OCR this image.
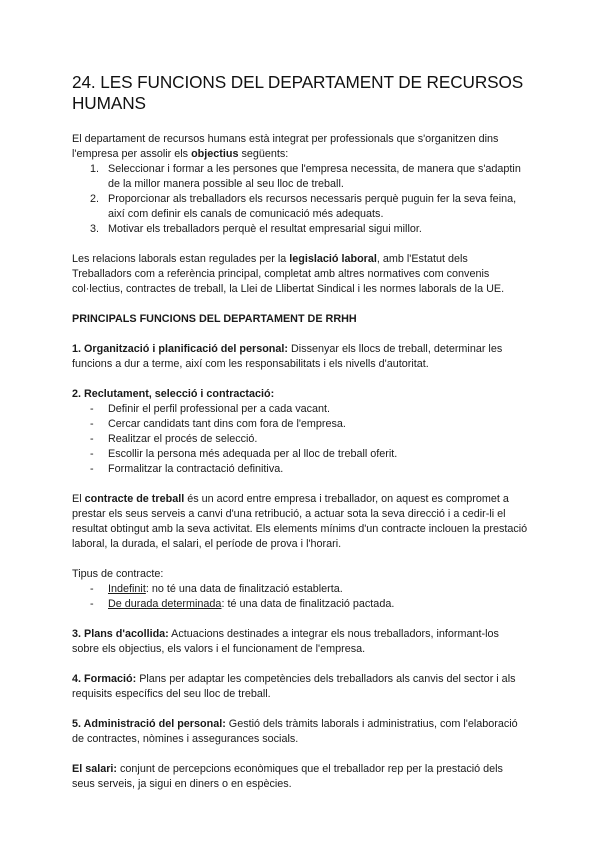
24. LES FUNCIONS DEL DEPARTAMENT DE RECURSOS HUMANS

El departament de recursos humans està integrat per professionals que s'organitzen dins l'empresa per assolir els objectius següents:

1. Seleccionar i formar a les persones que l'empresa necessita, de manera que s'adaptin de la millor manera possible al seu lloc de treball.
2. Proporcionar als treballadors els recursos necessaris perquè puguin fer la seva feina, així com definir els canals de comunicació més adequats.
3. Motivar els treballadors perquè el resultat empresarial sigui millor.

Les relacions laborals estan regulades per la legislació laboral, amb l'Estatut dels Treballadors com a referència principal, completat amb altres normatives com convenis col·lectius, contractes de treball, la Llei de Llibertat Sindical i les normes laborals de la UE.

PRINCIPALS FUNCIONS DEL DEPARTAMENT DE RRHH

1. Organització i planificació del personal: Dissenyar els llocs de treball, determinar les funcions a dur a terme, així com les responsabilitats i els nivells d'autoritat.

2. Reclutament, selecció i contractació:

- Definir el perfil professional per a cada vacant.
- Cercar candidats tant dins com fora de l'empresa.
- Realitzar el procés de selecció.
- Escollir la persona més adequada per al lloc de treball oferit.
- Formalitzar la contractació definitiva.

El contracte de treball és un acord entre empresa i treballador, on aquest es compromet a prestar els seus serveis a canvi d'una retribució, a actuar sota la seva direcció i a cedir-li el resultat obtingut amb la seva activitat. Els elements mínims d'un contracte inclouen la prestació laboral, la durada, el salari, el període de prova i l'horari.

Tipus de contracte:

- Indefinit: no té una data de finalització establerta.
- De durada determinada: té una data de finalització pactada.

3. Plans d'acollida: Actuacions destinades a integrar els nous treballadors, informant-los sobre els objectius, els valors i el funcionament de l'empresa.

4. Formació: Plans per adaptar les competències dels treballadors als canvis del sector i als requisits específics del seu lloc de treball.

5. Administració del personal: Gestió dels tràmits laborals i administratius, com l'elaboració de contractes, nòmines i assegurances socials.

El salari: conjunt de percepcions econòmiques que el treballador rep per la prestació dels seus serveis, ja sigui en diners o en espècies.
